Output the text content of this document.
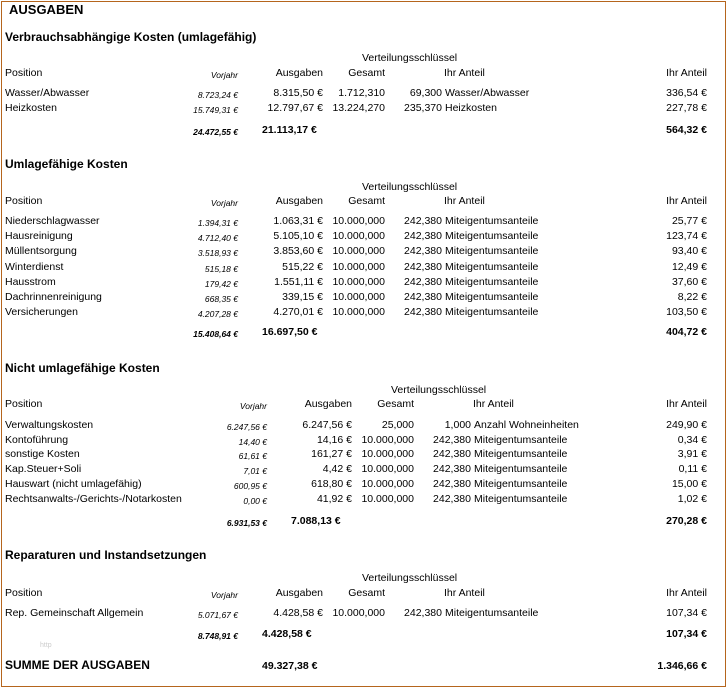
AUSGABEN
Verbrauchsabhängige Kosten (umlagefähig)
Verteilungsschlüssel
Position	Vorjahr	Ausgaben	Gesamt	Ihr Anteil	Ihr Anteil
Wasser/Abwasser	8.723,24 €	8.315,50 €	1.712,310	69,300 Wasser/Abwasser	336,54 €
Heizkosten	15.749,31 €	12.797,67 € 13.224,270	235,370 Heizkosten	227,78 €
24.472,55 € 21.113,17 €	564,32 €
Umlagefähige Kosten
Verteilungsschlüssel
Position	Vorjahr	Ausgaben	Gesamt	Ihr Anteil	Ihr Anteil
Niederschlagwasser	1.394,31 €	1.063,31 € 10.000,000	242,380 Miteigentumsanteile	25,77 €
Hausreinigung	4.712,40 €	5.105,10 € 10.000,000	242,380 Miteigentumsanteile	123,74 €
Müllentsorgung	3.518,93 €	3.853,60 € 10.000,000	242,380 Miteigentumsanteile	93,40 €
Winterdienst	515,18 €	515,22 € 10.000,000	242,380 Miteigentumsanteile	12,49 €
Hausstrom	179,42 €	1.551,11 € 10.000,000	242,380 Miteigentumsanteile	37,60 €
Dachrinnenreinigung	668,35 €	339,15 € 10.000,000	242,380 Miteigentumsanteile	8,22 €
Versicherungen	4.207,28 €	4.270,01 € 10.000,000	242,380 Miteigentumsanteile	103,50 €
15.408,64 € 16.697,50 €	404,72 €
Nicht umlagefähige Kosten
Verteilungsschlüssel
Position	Vorjahr	Ausgaben	Gesamt	Ihr Anteil	Ihr Anteil
Verwaltungskosten	6.247,56 €	6.247,56 €	25,000	1,000 Anzahl Wohneinheiten	249,90 €
Kontoführung	14,40 €	14,16 € 10.000,000	242,380 Miteigentumsanteile	0,34 €
sonstige Kosten	61,61 €	161,27 € 10.000,000	242,380 Miteigentumsanteile	3,91 €
Kap.Steuer+Soli	7,01 €	4,42 € 10.000,000	242,380 Miteigentumsanteile	0,11 €
Hauswart (nicht umlagefähig)	600,95 €	618,80 € 10.000,000	242,380 Miteigentumsanteile	15,00 €
Rechtsanwalts-/Gerichts-/Notarkosten	0,00 €	41,92 € 10.000,000	242,380 Miteigentumsanteile	1,02 €
6.931,53 € 7.088,13 €	270,28 €
Reparaturen und Instandsetzungen
Verteilungsschlüssel
Position	Vorjahr	Ausgaben	Gesamt	Ihr Anteil	Ihr Anteil
Rep. Gemeinschaft Allgemein	5.071,67 €	4.428,58 € 10.000,000	242,380 Miteigentumsanteile	107,34 €
8.748,91 € 4.428,58 €	107,34 €
http
SUMME DER AUSGABEN	49.327,38 €	1.346,66 €
